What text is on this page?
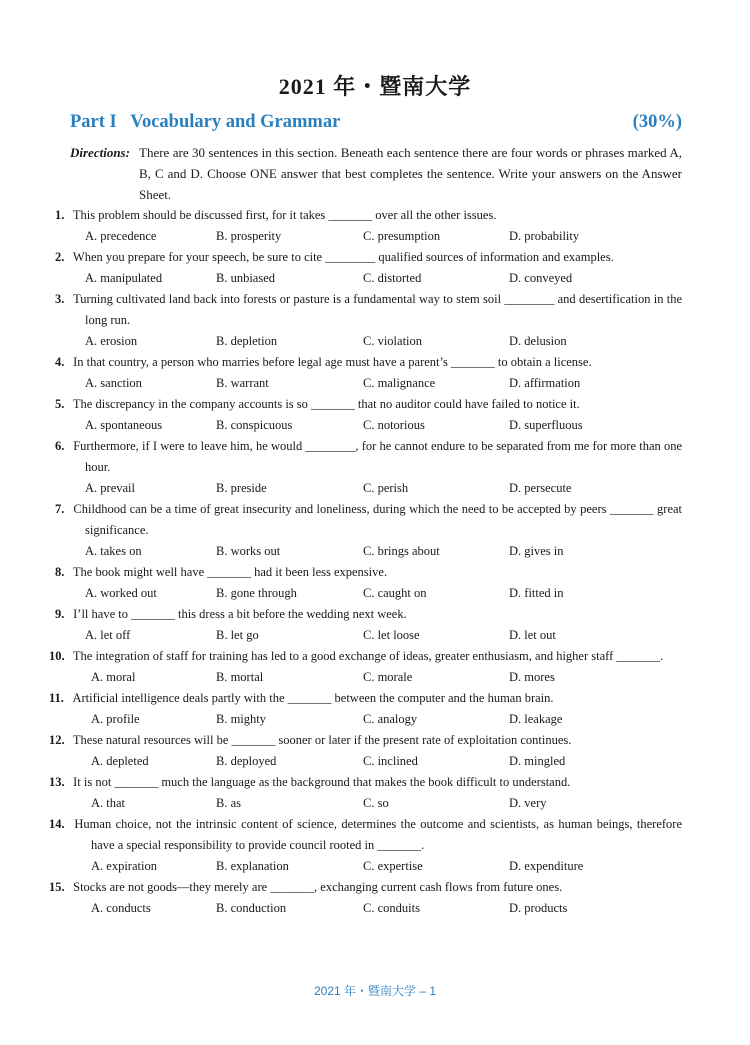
2021 年・暨南大学
Part I   Vocabulary and Grammar	(30%)
Directions: There are 30 sentences in this section. Beneath each sentence there are four words or phrases marked A, B, C and D. Choose ONE answer that best completes the sentence. Write your answers on the Answer Sheet.
1. This problem should be discussed first, for it takes _______ over all the other issues.
A. precedence	B. prosperity	C. presumption	D. probability
2. When you prepare for your speech, be sure to cite ________ qualified sources of information and examples.
A. manipulated	B. unbiased	C. distorted	D. conveyed
3. Turning cultivated land back into forests or pasture is a fundamental way to stem soil ________ and desertification in the long run.
A. erosion	B. depletion	C. violation	D. delusion
4. In that country, a person who marries before legal age must have a parent’s _______ to obtain a license.
A. sanction	B. warrant	C. malignance	D. affirmation
5. The discrepancy in the company accounts is so _______ that no auditor could have failed to notice it.
A. spontaneous	B. conspicuous	C. notorious	D. superfluous
6. Furthermore, if I were to leave him, he would ________, for he cannot endure to be separated from me for more than one hour.
A. prevail	B. preside	C. perish	D. persecute
7. Childhood can be a time of great insecurity and loneliness, during which the need to be accepted by peers _______ great significance.
A. takes on	B. works out	C. brings about	D. gives in
8. The book might well have _______ had it been less expensive.
A. worked out	B. gone through	C. caught on	D. fitted in
9. I’ll have to _______ this dress a bit before the wedding next week.
A. let off	B. let go	C. let loose	D. let out
10. The integration of staff for training has led to a good exchange of ideas, greater enthusiasm, and higher staff _______.
A. moral	B. mortal	C. morale	D. mores
11. Artificial intelligence deals partly with the _______ between the computer and the human brain.
A. profile	B. mighty	C. analogy	D. leakage
12. These natural resources will be _______ sooner or later if the present rate of exploitation continues.
A. depleted	B. deployed	C. inclined	D. mingled
13. It is not _______ much the language as the background that makes the book difficult to understand.
A. that	B. as	C. so	D. very
14. Human choice, not the intrinsic content of science, determines the outcome and scientists, as human beings, therefore have a special responsibility to provide council rooted in _______.
A. expiration	B. explanation	C. expertise	D. expenditure
15. Stocks are not goods—they merely are _______, exchanging current cash flows from future ones.
A. conducts	B. conduction	C. conduits	D. products
2021 年・暨南大学 – 1
